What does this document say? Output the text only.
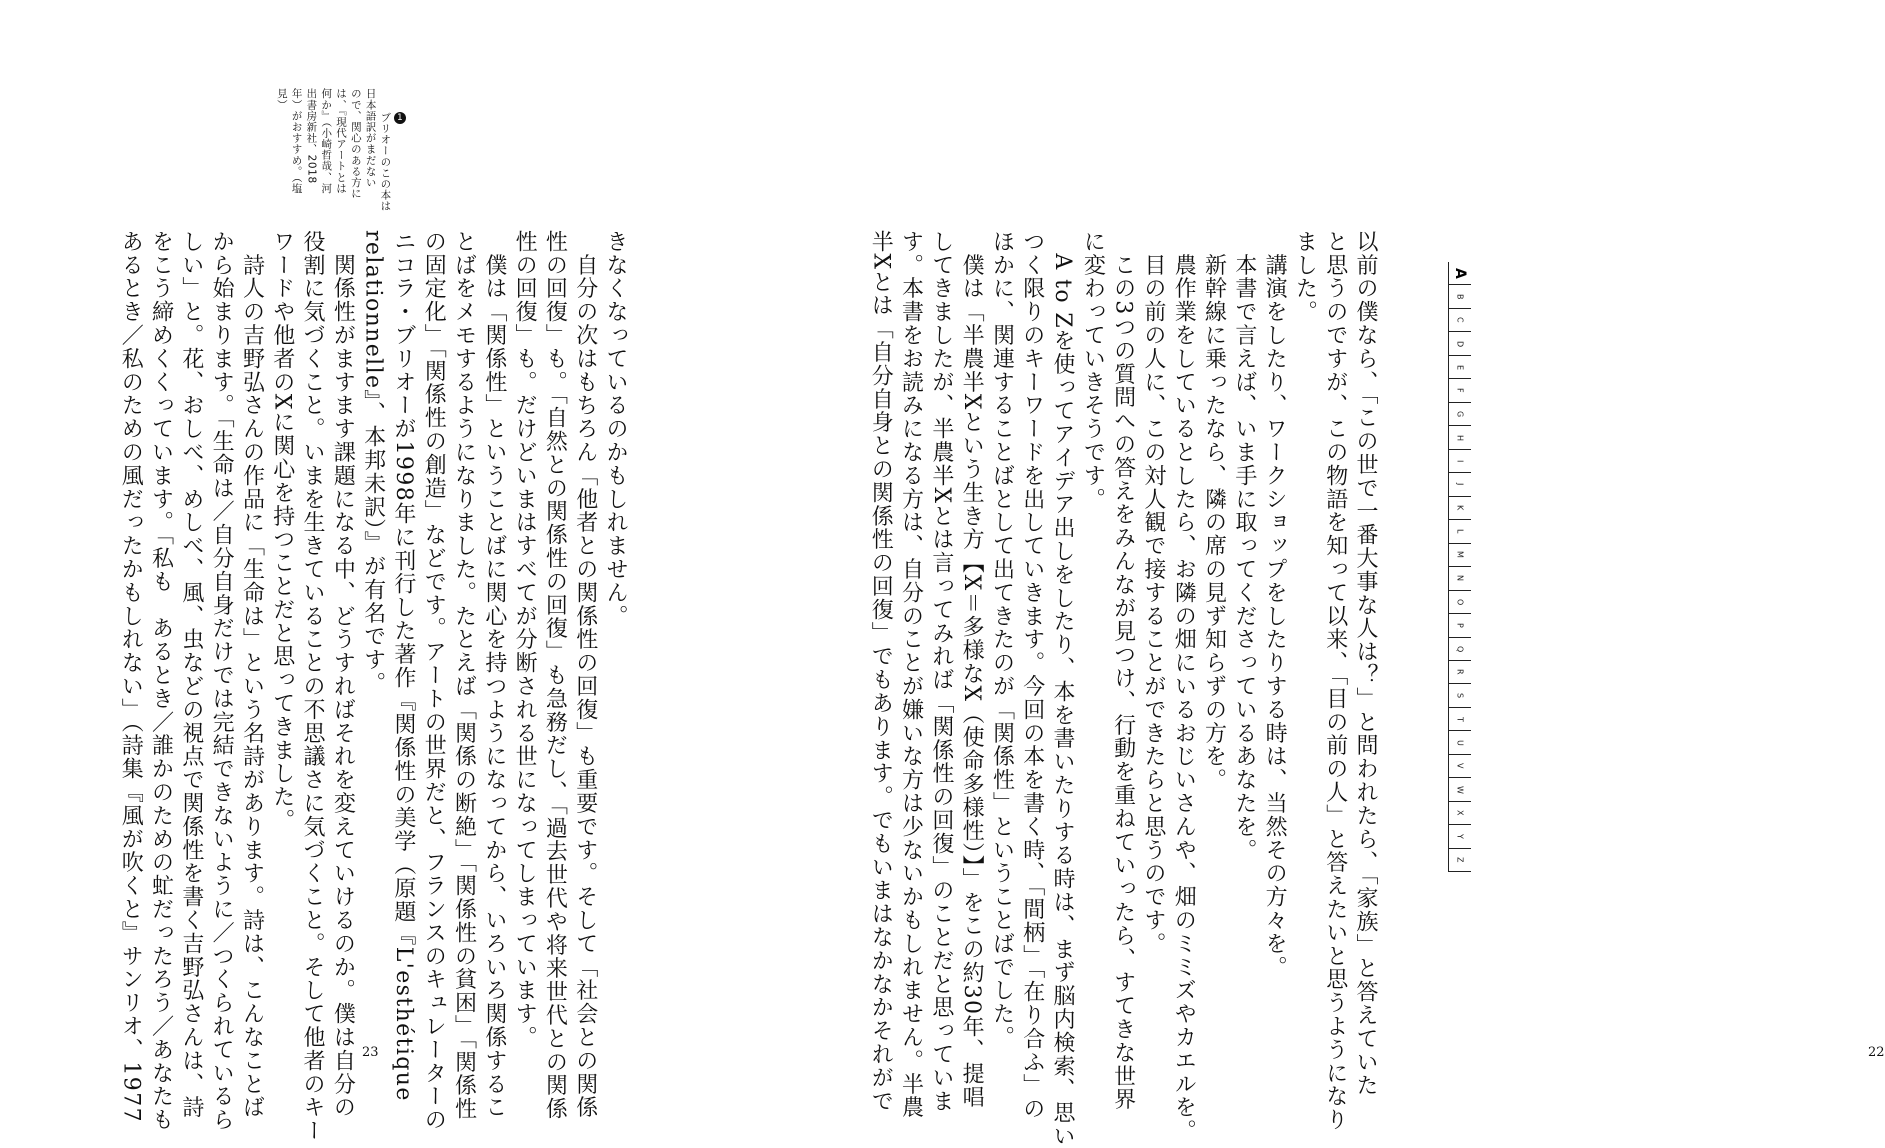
1
ブリオーのこの本は
日本語訳がまだない
ので、関心のある方に
は、『現代アートとは
何か』（小崎哲哉、河
出書房新社、2018
年）がおすすめ。（塩
見）

きなくなっているのかもしれません。
　自分の次はもちろん「他者との関係性の回復」も重要です。そして「社会との関係
性の回復」も。「自然との関係性の回復」も急務だし、「過去世代や将来世代との関係
性の回復」も。だけどいまはすべてが分断される世になってしまっています。
　僕は「関係性」ということばに関心を持つようになってから、いろいろ関係するこ
とばをメモするようになりました。たとえば「関係の断絶」「関係性の貧困」「関係性
の固定化」「関係性の創造」などです。アートの世界だと、フランスのキュレーターの
ニコラ・ブリオーが1998年に刊行した著作『関係性の美学（原題『L'esthétique
relationnelle』、本邦未訳）』が有名です。
　関係性がますます課題になる中、どうすればそれを変えていけるのか。僕は自分の
役割に気づくこと。いまを生きていることの不思議さに気づくこと。そして他者のキー
ワードや他者のXに関心を持つことだと思ってきました。
　詩人の吉野弘さんの作品に「生命は」という名詩があります。詩は、こんなことば
から始まります。「生命は／自分自身だけでは完結できないように／つくられているら
しい」と。花、おしべ、めしべ、風、虫などの視点で関係性を書く吉野弘さんは、詩
をこう締めくくっています。「私も　あるとき／誰かのための虻だったろう／あなたも
あるとき／私のための風だったかもしれない」（詩集『風が吹くと』サンリオ、1977	23	以前の僕なら、「この世で一番大事な人は？」と問われたら、「家族」と答えていた
と思うのですが、この物語を知って以来、「目の前の人」と答えたいと思うようになり
ました。
　講演をしたり、ワークショップをしたりする時は、当然その方々を。
　本書で言えば、いま手に取ってくださっているあなたを。
　新幹線に乗ったなら、隣の席の見ず知らずの方を。
　農作業をしているとしたら、お隣の畑にいるおじいさんや、畑のミミズやカエルを。
　目の前の人に、この対人観で接することができたらと思うのです。
　この3つの質問への答えをみんなが見つけ、行動を重ねていったら、すてきな世界
に変わっていきそうです。
　A to Zを使ってアイデア出しをしたり、本を書いたりする時は、まず脳内検索、思い
つく限りのキーワードを出していきます。今回の本を書く時、「間柄」「在り合ふ」の
ほかに、関連することばとして出てきたのが「関係性」ということばでした。
　僕は「半農半Xという生き方【X＝多様なX（使命多様性）】」をこの約30年、提唱
してきましたが、半農半Xとは言ってみれば「関係性の回復」のことだと思っていま
す。本書をお読みになる方は、自分のことが嫌いな方は少ないかもしれません。半農
半Xとは「自分自身との関係性の回復」でもあります。でもいまはなかなかそれがで	22
A
B
C
D
E
F
G
H
I
J
K
L
M
N
O
P
Q
R
S
T
U
V
W
X
Y
Z
